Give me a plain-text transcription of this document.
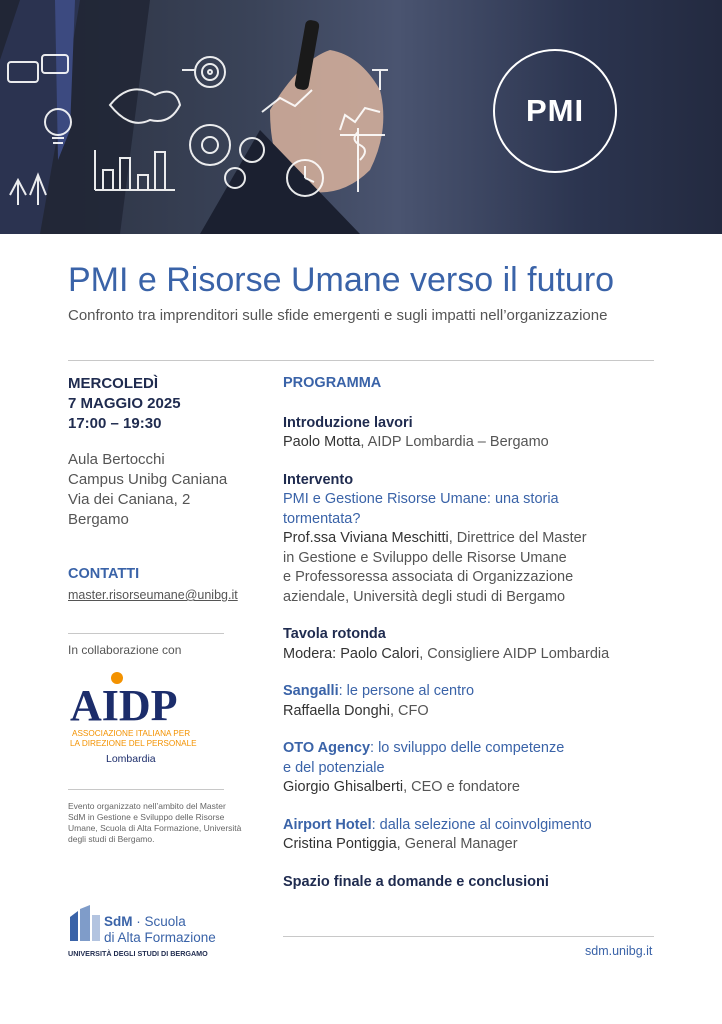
PMI
PMI e Risorse Umane verso il futuro
Confronto tra imprenditori sulle sfide emergenti e sugli impatti nell’organizzazione
MERCOLEDÌ
7 MAGGIO 2025
17:00 – 19:30
Aula Bertocchi
Campus Unibg Caniana
Via dei Caniana, 2
Bergamo
CONTATTI
master.risorseumane@unibg.it
In collaborazione con
AIDP
ASSOCIAZIONE ITALIANA PER
LA DIREZIONE DEL PERSONALE
Lombardia
Evento organizzato nell’ambito del Master SdM in Gestione e Sviluppo delle Risorse Umane, Scuola di Alta Formazione, Università degli studi di Bergamo.
SdM · Scuola
di Alta Formazione
UNIVERSITÀ DEGLI STUDI DI BERGAMO
PROGRAMMA
Introduzione lavori
Paolo Motta, AIDP Lombardia – Bergamo
Intervento
PMI e Gestione Risorse Umane: una storia
tormentata?
Prof.ssa Viviana Meschitti, Direttrice del Master
in Gestione e Sviluppo delle Risorse Umane
e Professoressa associata di Organizzazione
aziendale, Università degli studi di Bergamo
Tavola rotonda
Modera: Paolo Calori, Consigliere AIDP Lombardia
Sangalli: le persone al centro
Raffaella Donghi, CFO
OTO Agency: lo sviluppo delle competenze
e del potenziale
Giorgio Ghisalberti, CEO e fondatore
Airport Hotel: dalla selezione al coinvolgimento
Cristina Pontiggia, General Manager
Spazio finale a domande e conclusioni
sdm.unibg.it
